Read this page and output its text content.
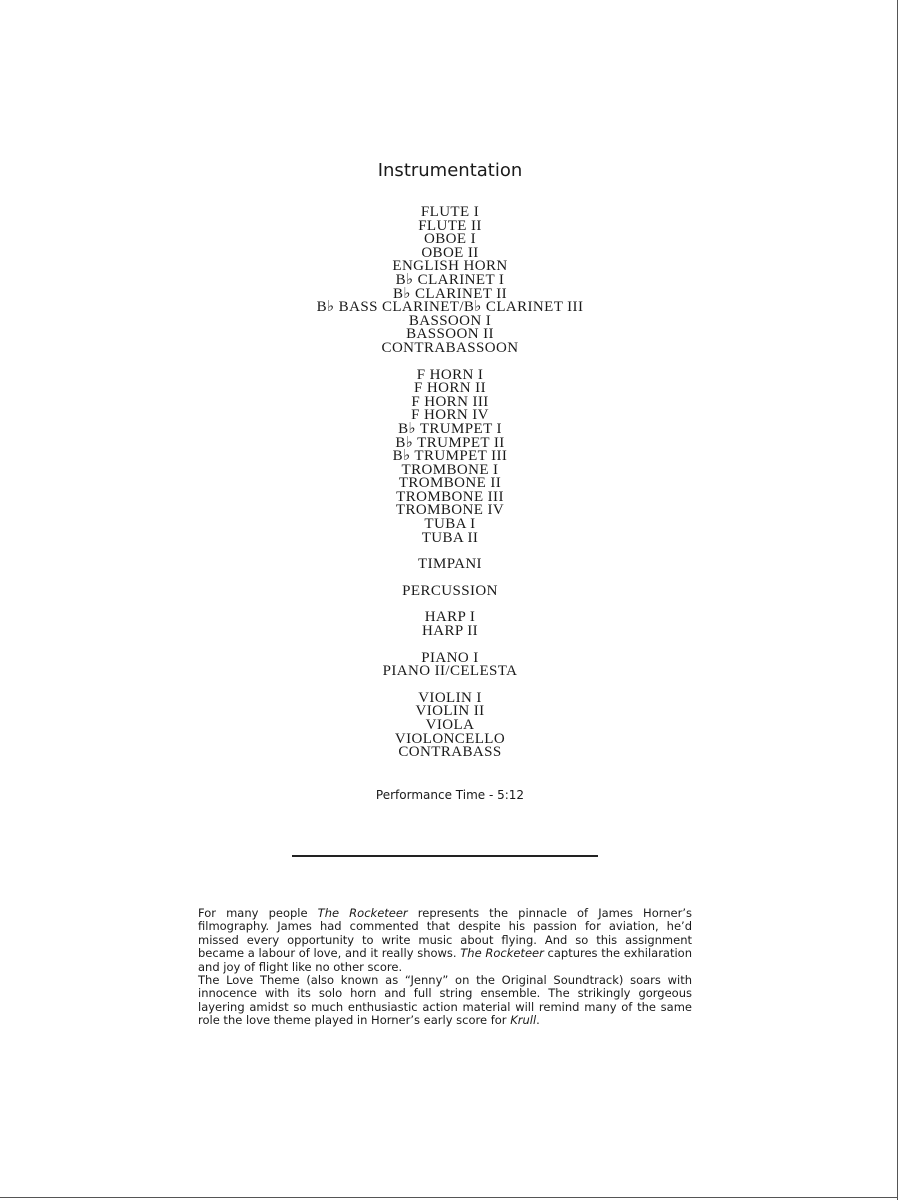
Instrumentation
FLUTE I
FLUTE II
OBOE I
OBOE II
ENGLISH HORN
B♭ CLARINET I
B♭ CLARINET II
B♭ BASS CLARINET/B♭ CLARINET III
BASSOON I
BASSOON II
CONTRABASSOON
F HORN I
F HORN II
F HORN III
F HORN IV
B♭ TRUMPET I
B♭ TRUMPET II
B♭ TRUMPET III
TROMBONE I
TROMBONE II
TROMBONE III
TROMBONE IV
TUBA I
TUBA II
TIMPANI
PERCUSSION
HARP I
HARP II
PIANO I
PIANO II/CELESTA
VIOLIN I
VIOLIN II
VIOLA
VIOLONCELLO
CONTRABASS
Performance Time - 5:12

For many people The Rocketeer represents the pinnacle of James Horner’s filmography. James had commented that despite his passion for aviation, he’d missed every opportunity to write music about flying. And so this assignment became a labour of love, and it really shows. The Rocketeer captures the exhilaration and joy of flight like no other score.

The Love Theme (also known as “Jenny” on the Original Soundtrack) soars with innocence with its solo horn and full string ensemble. The strikingly gorgeous layering amidst so much enthusiastic action material will remind many of the same role the love theme played in Horner’s early score for Krull.
